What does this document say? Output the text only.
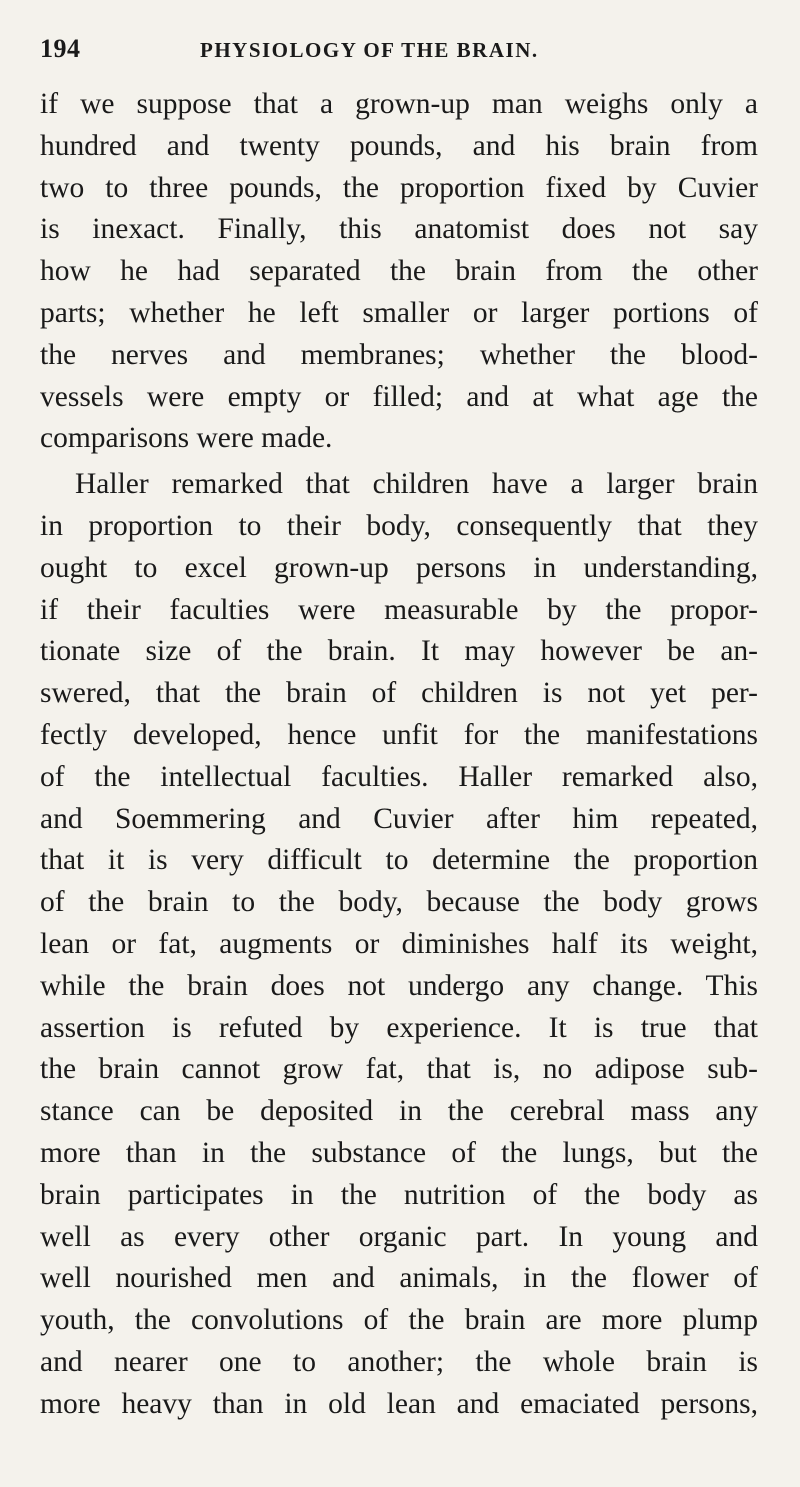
194	PHYSIOLOGY OF THE BRAIN.
if we suppose that a grown-up man weighs only a
hundred and twenty pounds, and his brain from
two to three pounds, the proportion fixed by Cuvier
is inexact. Finally, this anatomist does not say
how he had separated the brain from the other
parts; whether he left smaller or larger portions of
the nerves and membranes; whether the blood-
vessels were empty or filled; and at what age the
comparisons were made.
Haller remarked that children have a larger brain
in proportion to their body, consequently that they
ought to excel grown-up persons in understanding,
if their faculties were measurable by the propor-
tionate size of the brain. It may however be an-
swered, that the brain of children is not yet per-
fectly developed, hence unfit for the manifestations
of the intellectual faculties. Haller remarked also,
and Soemmering and Cuvier after him repeated,
that it is very difficult to determine the proportion
of the brain to the body, because the body grows
lean or fat, augments or diminishes half its weight,
while the brain does not undergo any change. This
assertion is refuted by experience. It is true that
the brain cannot grow fat, that is, no adipose sub-
stance can be deposited in the cerebral mass any
more than in the substance of the lungs, but the
brain participates in the nutrition of the body as
well as every other organic part. In young and
well nourished men and animals, in the flower of
youth, the convolutions of the brain are more plump
and nearer one to another; the whole brain is
more heavy than in old lean and emaciated persons,
